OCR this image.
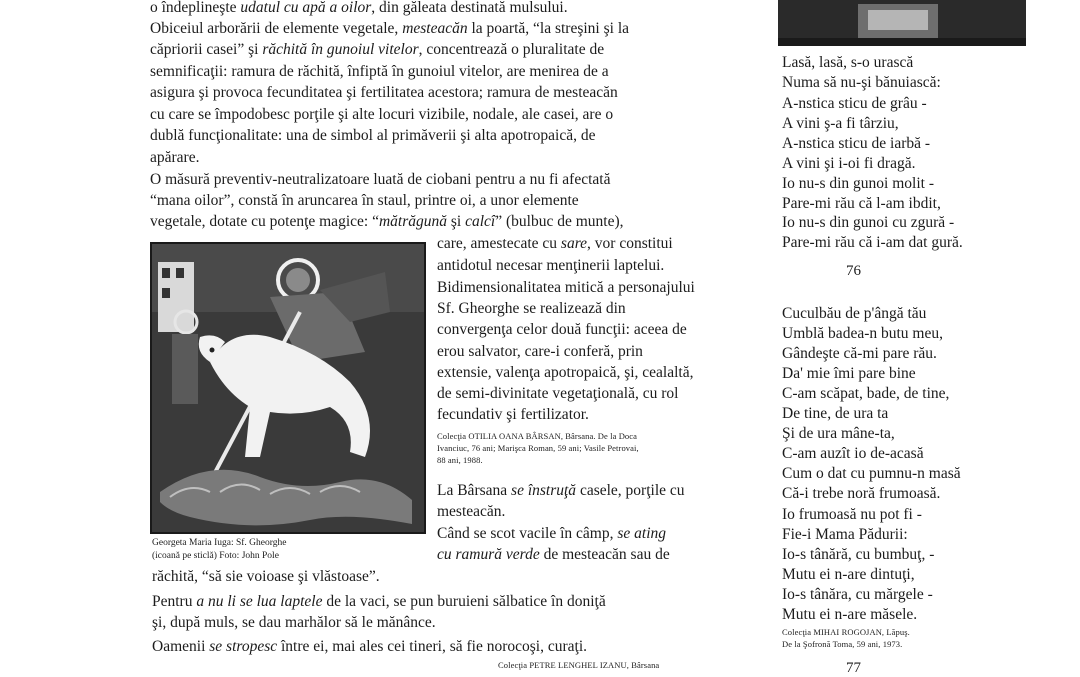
o îndeplineşte udatul cu apă a oilor, din găleata destinată mulsului.
Obiceiul arborării de elemente vegetale, mesteacăn la poartă, “la streşini şi la
căpriorii casei” şi răchită în gunoiul vitelor, concentrează o pluralitate de
semnificaţii: ramura de răchită, înfiptă în gunoiul vitelor, are menirea de a
asigura şi provoca fecunditatea şi fertilitatea acestora; ramura de mesteacăn
cu care se împodobesc porţile şi alte locuri vizibile, nodale, ale casei, are o
dublă funcţionalitate: una de simbol al primăverii şi alta apotropaică, de
apărare.
O măsură preventiv-neutralizatoare luată de ciobani pentru a nu fi afectată
“mana oilor”, constă în aruncarea în staul, printre oi, a unor elemente
vegetale, dotate cu potenţe magice: “mătrăgună şi calcî” (bulbuc de munte),
care, amestecate cu sare, vor constitui
antidotul necesar menţinerii laptelui.
Bidimensionalitatea mitică a personajului
Sf. Gheorghe se realizează din
convergenţa celor două funcţii: aceea de
erou salvator, care-i conferă, prin
extensie, valenţa apotropaică, şi, cealaltă,
de semi-divinitate vegetaţională, cu rol
fecundativ şi fertilizator.
Colecţia OTILIA OANA BÂRSAN, Bârsana. De la Doca
Ivanciuc, 76 ani; Marişca Roman, 59 ani; Vasile Petrovai,
88 ani, 1988.
La Bârsana se înstruţă casele, porţile cu
mesteacăn.
Când se scot vacile în câmp, se ating
cu ramură verde de mesteacăn sau de
Georgeta Maria Iuga: Sf. Gheorghe
(icoană pe sticlă) Foto: John Pole
răchită, “să sie voioase şi vlăstoase”.
Pentru a nu li se lua laptele de la vaci, se pun buruieni sălbatice în doniţă
şi, după muls, se dau marhălor să le mănânce.
Oamenii se stropesc între ei, mai ales cei tineri, să fie norocoşi, curaţi.
Colecţia PETRE LENGHEL IZANU, Bârsana
Lasă, lasă, s-o urască
Numa să nu-şi bănuiască:
A-nstica sticu de grâu -
A vini ş-a fi târziu,
A-nstica sticu de iarbă -
A vini şi i-oi fi dragă.
Io nu-s din gunoi molit -
Pare-mi rău că l-am ibdit,
Io nu-s din gunoi cu zgură -
Pare-mi rău că i-am dat gură.
76
Cuculbău de p'ângă tău
Umblă badea-n butu meu,
Gândeşte că-mi pare rău.
Da' mie îmi pare bine
C-am scăpat, bade, de tine,
De tine, de ura ta
Şi de ura mâne-ta,
C-am auzît io de-acasă
Cum o dat cu pumnu-n masă
Că-i trebe noră frumoasă.
Io frumoasă nu pot fi -
Fie-i Mama Pădurii:
Io-s tânără, cu bumbuţ, -
Mutu ei n-are dintuţi,
Io-s tânăra, cu mărgele -
Mutu ei n-are măsele.
Colecţia MIHAI ROGOJAN, Lăpuş.
De la Şofronă Toma, 59 ani, 1973.
77
